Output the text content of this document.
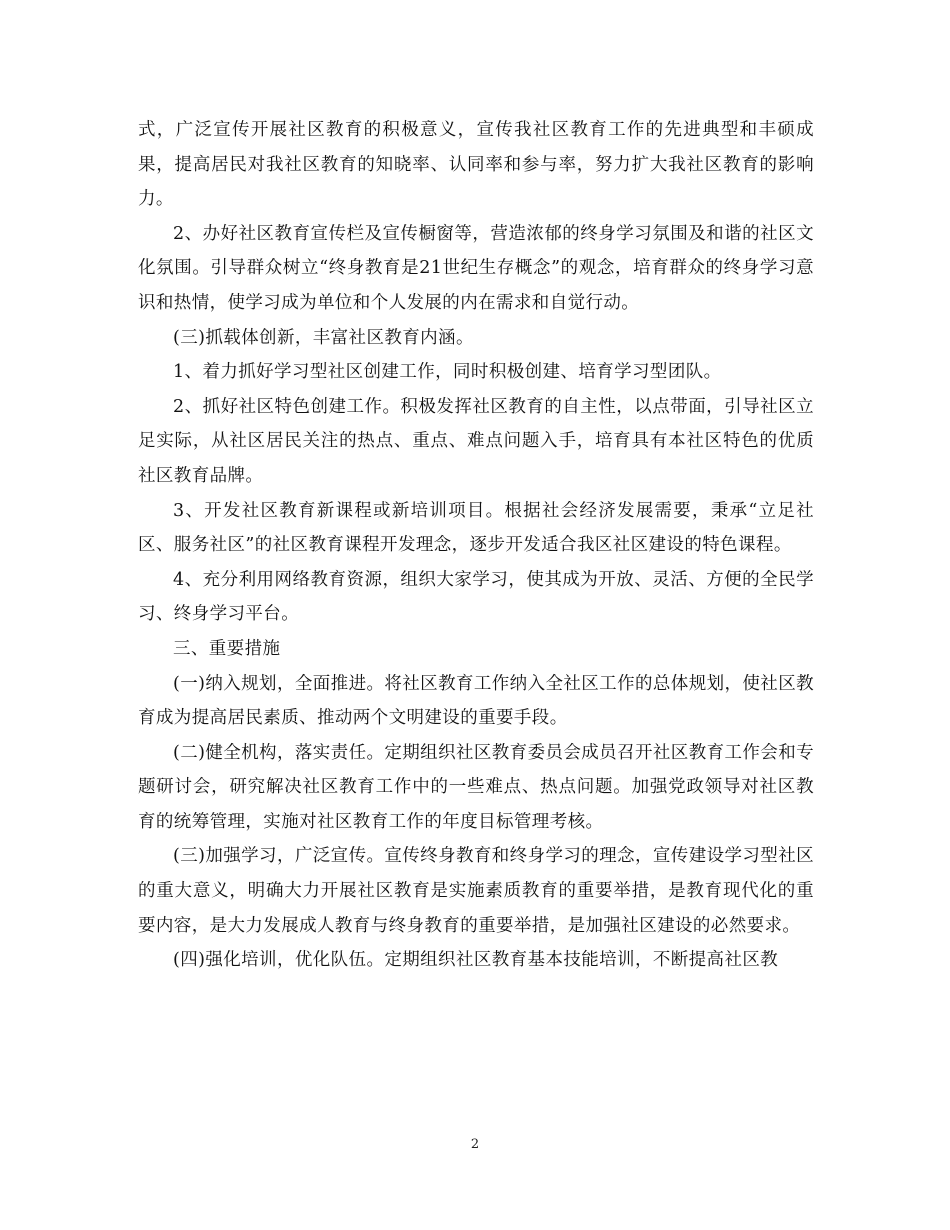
式，广泛宣传开展社区教育的积极意义，宣传我社区教育工作的先进典型和丰硕成果，提高居民对我社区教育的知晓率、认同率和参与率，努力扩大我社区教育的影响力。

2、办好社区教育宣传栏及宣传橱窗等，营造浓郁的终身学习氛围及和谐的社区文化氛围。引导群众树立“终身教育是21世纪生存概念”的观念，培育群众的终身学习意识和热情，使学习成为单位和个人发展的内在需求和自觉行动。

(三)抓载体创新，丰富社区教育内涵。

1、着力抓好学习型社区创建工作，同时积极创建、培育学习型团队。

2、抓好社区特色创建工作。积极发挥社区教育的自主性，以点带面，引导社区立足实际，从社区居民关注的热点、重点、难点问题入手，培育具有本社区特色的优质社区教育品牌。

3、开发社区教育新课程或新培训项目。根据社会经济发展需要，秉承“立足社区、服务社区”的社区教育课程开发理念，逐步开发适合我区社区建设的特色课程。

4、充分利用网络教育资源，组织大家学习，使其成为开放、灵活、方便的全民学习、终身学习平台。

三、重要措施

(一)纳入规划，全面推进。将社区教育工作纳入全社区工作的总体规划，使社区教育成为提高居民素质、推动两个文明建设的重要手段。

(二)健全机构，落实责任。定期组织社区教育委员会成员召开社区教育工作会和专题研讨会，研究解决社区教育工作中的一些难点、热点问题。加强党政领导对社区教育的统筹管理，实施对社区教育工作的年度目标管理考核。

(三)加强学习，广泛宣传。宣传终身教育和终身学习的理念，宣传建设学习型社区的重大意义，明确大力开展社区教育是实施素质教育的重要举措，是教育现代化的重要内容，是大力发展成人教育与终身教育的重要举措，是加强社区建设的必然要求。

(四)强化培训，优化队伍。定期组织社区教育基本技能培训，不断提高社区教

2
